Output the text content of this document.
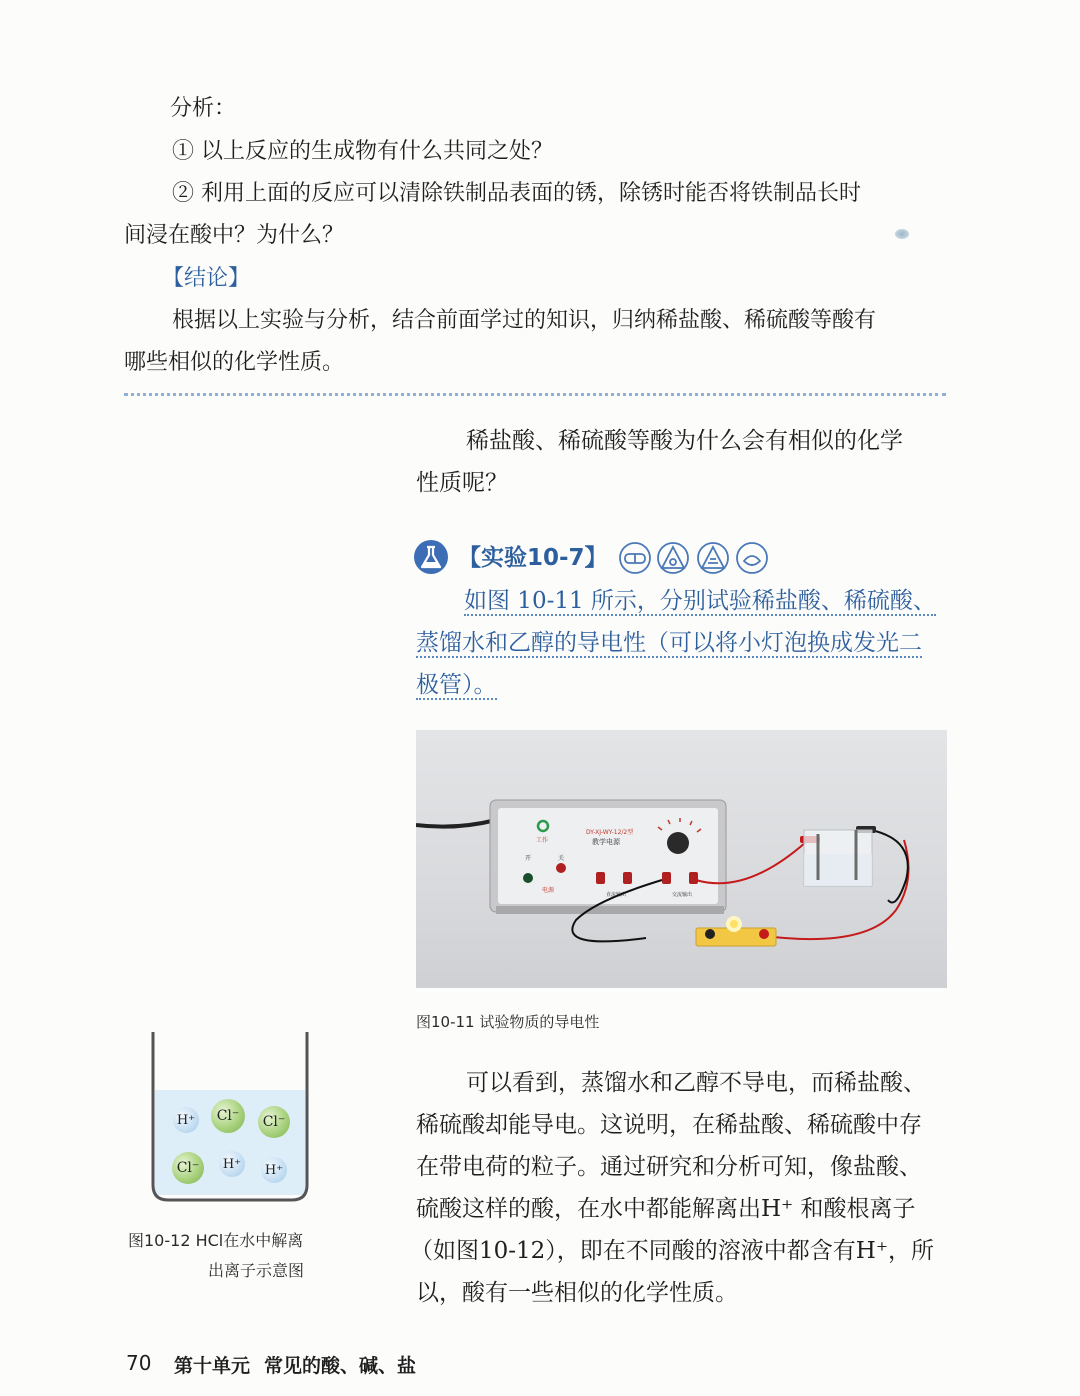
分析：
① 以上反应的生成物有什么共同之处？
② 利用上面的反应可以清除铁制品表面的锈，除锈时能否将铁制品长时
间浸在酸中？为什么？
【结论】
根据以上实验与分析，结合前面学过的知识，归纳稀盐酸、稀硫酸等酸有
哪些相似的化学性质。
稀盐酸、稀硫酸等酸为什么会有相似的化学
性质呢？
【实验10-7】
如图 10-11 所示，分别试验稀盐酸、稀硫酸、
蒸馏水和乙醇的导电性（可以将小灯泡换成发光二
极管）。
工作
DY-XJ-WY-12/2型
教学电源
开	关
电源
直流输出	交流输出
图10-11 试验物质的导电性
H⁺	Cl⁻	Cl⁻
Cl⁻	H⁺	H⁺
图10-12 HCl在水中解离
出离子示意图
可以看到，蒸馏水和乙醇不导电，而稀盐酸、
稀硫酸却能导电。这说明，在稀盐酸、稀硫酸中存
在带电荷的粒子。通过研究和分析可知，像盐酸、
硫酸这样的酸，在水中都能解离出H⁺ 和酸根离子
（如图10-12），即在不同酸的溶液中都含有H⁺，所
以，酸有一些相似的化学性质。
70 第十单元 常见的酸、碱、盐
